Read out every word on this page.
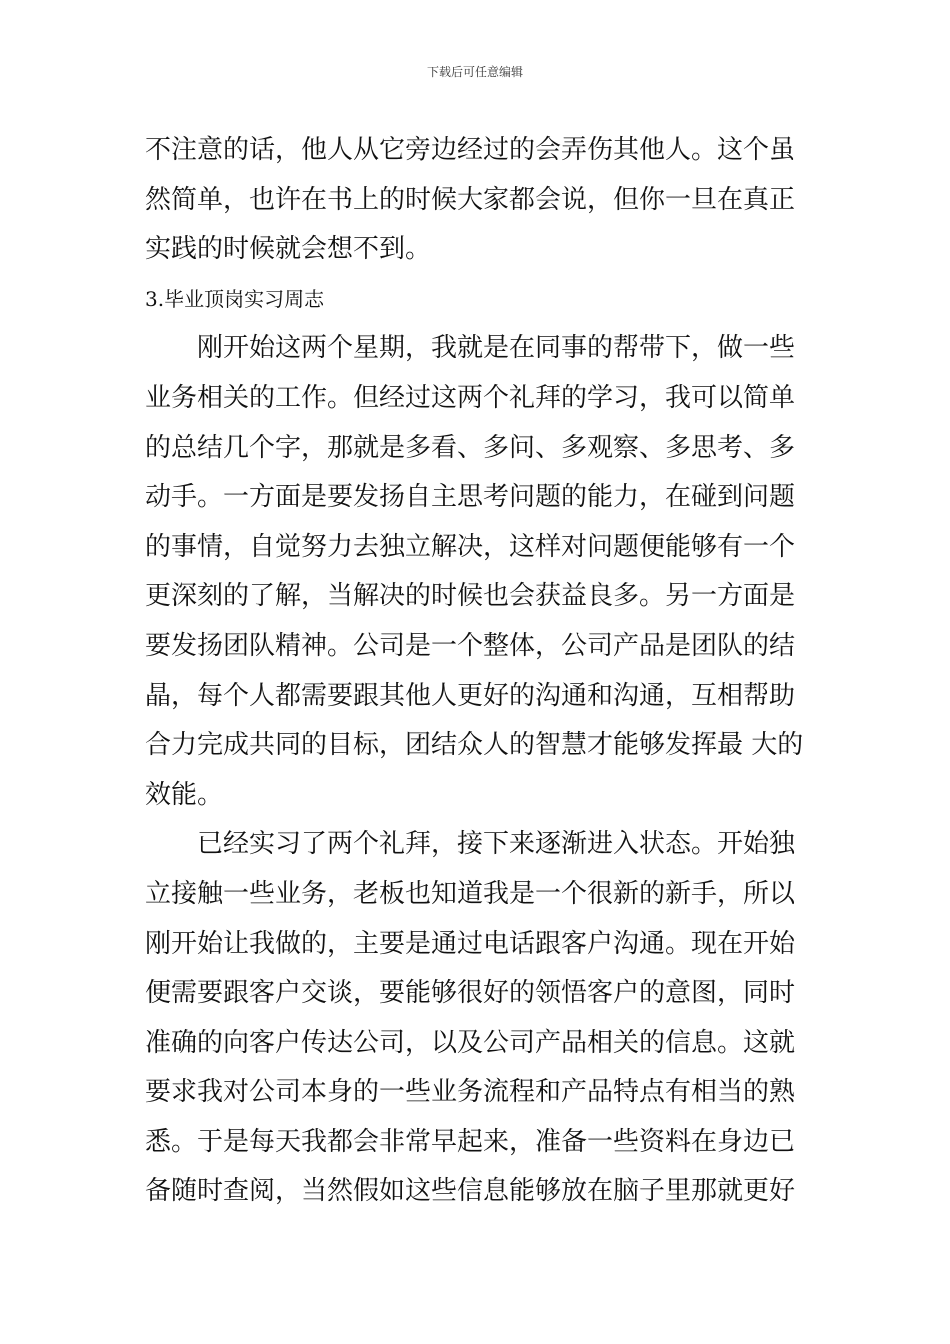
下载后可任意编辑
不注意的话，他人从它旁边经过的会弄伤其他人。这个虽
然简单，也许在书上的时候大家都会说，但你一旦在真正
实践的时候就会想不到。
3.毕业顶岗实习周志
　　刚开始这两个星期，我就是在同事的帮带下，做一些
业务相关的工作。但经过这两个礼拜的学习，我可以简单
的总结几个字，那就是多看、多问、多观察、多思考、多
动手。一方面是要发扬自主思考问题的能力，在碰到问题
的事情，自觉努力去独立解决，这样对问题便能够有一个
更深刻的了解，当解决的时候也会获益良多。另一方面是
要发扬团队精神。公司是一个整体，公司产品是团队的结
晶，每个人都需要跟其他人更好的沟通和沟通，互相帮助
合力完成共同的目标，团结众人的智慧才能够发挥最 大的
效能。
　　已经实习了两个礼拜，接下来逐渐进入状态。开始独
立接触一些业务，老板也知道我是一个很新的新手，所以
刚开始让我做的，主要是通过电话跟客户沟通。现在开始
便需要跟客户交谈，要能够很好的领悟客户的意图，同时
准确的向客户传达公司，以及公司产品相关的信息。这就
要求我对公司本身的一些业务流程和产品特点有相当的熟
悉。于是每天我都会非常早起来，准备一些资料在身边已
备随时查阅，当然假如这些信息能够放在脑子里那就更好
